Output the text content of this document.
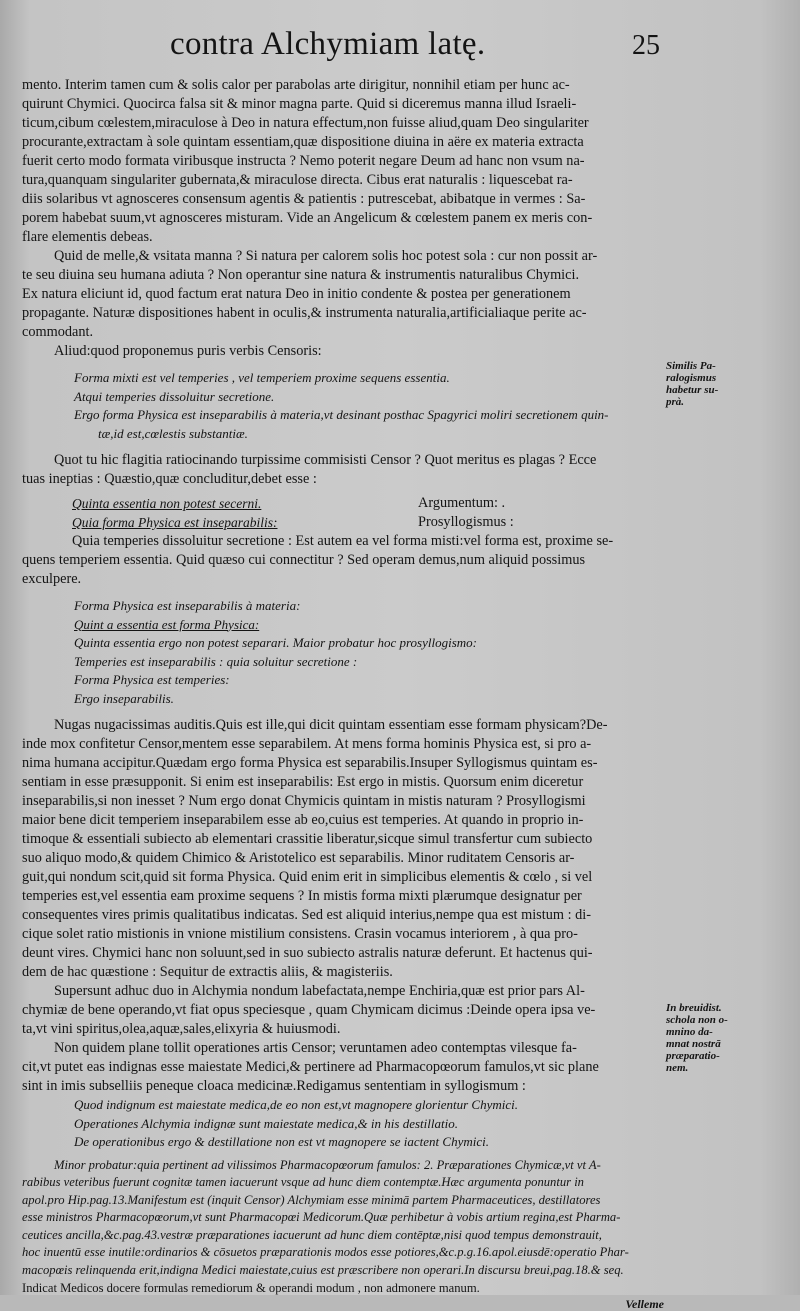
contra Alchymiam latę.	25
mento. Interim tamen cum & solis calor per parabolas arte dirigitur, nonnihil etiam per hunc ac-
quirunt Chymici. Quocirca falsa sit & minor magna parte. Quid si diceremus manna illud Israeli-
ticum,cibum cœlestem,miraculose à Deo in natura effectum,non fuisse aliud,quam Deo singulariter
procurante,extractam à sole quintam essentiam,quæ dispositione diuina in aëre ex materia extracta
fuerit certo modo formata viribusque instructa ? Nemo poterit negare Deum ad hanc non vsum na-
tura,quanquam singulariter gubernata,& miraculose directa. Cibus erat naturalis : liquescebat ra-
diis solaribus vt agnosceres consensum agentis & patientis : putrescebat, abibatque in vermes : Sa-
porem habebat suum,vt agnosceres misturam. Vide an Angelicum & cœlestem panem ex meris con-
flare elementis debeas.
Quid de melle,& vsitata manna ? Si natura per calorem solis hoc potest sola : cur non possit ar-
te seu diuina seu humana adiuta ? Non operantur sine natura & instrumentis naturalibus Chymici.
Ex natura eliciunt id, quod factum erat natura Deo in initio condente & postea per generationem
propagante. Naturæ dispositiones habent in oculis,& instrumenta naturalia,artificialiaque perite ac-
commodant.
Aliud:quod proponemus puris verbis Censoris:
Forma mixti est vel temperies , vel temperiem proxime sequens essentia.
Atqui temperies dissoluitur secretione.
Ergo forma Physica est inseparabilis à materia,vt desinant posthac Spagyrici moliri secretionem quin-
tæ,id est,cœlestis substantiæ.
Quot tu hic flagitia ratiocinando turpissime commisisti Censor ? Quot meritus es plagas ? Ecce
tuas ineptias : Quæstio,quæ concluditur,debet esse :
Quinta essentia non potest secerni.	Argumentum: .
Quia forma Physica est inseparabilis:	Prosyllogismus :
Quia temperies dissoluitur secretione : Est autem ea vel forma misti:vel forma est, proxime se-
quens temperiem essentia. Quid quæso cui connectitur ? Sed operam demus,num aliquid possimus
exculpere.
Forma Physica est inseparabilis à materia:
Quint a essentia est forma Physica:
Quinta essentia ergo non potest separari. Maior probatur hoc prosyllogismo:
Temperies est inseparabilis : quia soluitur secretione :
Forma Physica est temperies:
Ergo inseparabilis.
Nugas nugacissimas auditis.Quis est ille,qui dicit quintam essentiam esse formam physicam?De-
inde mox confitetur Censor,mentem esse separabilem. At mens forma hominis Physica est, si pro a-
nima humana accipitur.Quædam ergo forma Physica est separabilis.Insuper Syllogismus quintam es-
sentiam in esse præsupponit. Si enim est inseparabilis: Est ergo in mistis. Quorsum enim diceretur
inseparabilis,si non inesset ? Num ergo donat Chymicis quintam in mistis naturam ? Prosyllogismi
maior bene dicit temperiem inseparabilem esse ab eo,cuius est temperies. At quando in proprio in-
timoque & essentiali subiecto ab elementari crassitie liberatur,sicque simul transfertur cum subiecto
suo aliquo modo,& quidem Chimico & Aristotelico est separabilis. Minor ruditatem Censoris ar-
guit,qui nondum scit,quid sit forma Physica. Quid enim erit in simplicibus elementis & cœlo , si vel
temperies est,vel essentia eam proxime sequens ? In mistis forma mixti plærumque designatur per
consequentes vires primis qualitatibus indicatas. Sed est aliquid interius,nempe qua est mistum : di-
cique solet ratio mistionis in vnione mistilium consistens. Crasin vocamus interiorem , à qua pro-
deunt vires. Chymici hanc non soluunt,sed in suo subiecto astralis naturæ deferunt. Et hactenus qui-
dem de hac quæstione : Sequitur de extractis aliis, & magisteriis.
Supersunt adhuc duo in Alchymia nondum labefactata,nempe Enchiria,quæ est prior pars Al-
chymiæ de bene operando,vt fiat opus speciesque , quam Chymicam dicimus :Deinde opera ipsa ve-
ta,vt vini spiritus,olea,aquæ,sales,elixyria & huiusmodi.
Non quidem plane tollit operationes artis Censor; veruntamen adeo contemptas vilesque fa-
cit,vt putet eas indignas esse maiestate Medici,& pertinere ad Pharmacopœorum famulos,vt sic plane
sint in imis subselliis peneque cloaca medicinæ.Redigamus sententiam in syllogismum :
Quod indignum est maiestate medica,de eo non est,vt magnopere glorientur Chymici.
Operationes Alchymia indignæ sunt maiestate medica,& in his destillatio.
De operationibus ergo & destillatione non est vt magnopere se iactent Chymici.
Minor probatur:quia pertinent ad vilissimos Pharmacopœorum famulos: 2. Præparationes Chymicæ,vt vt A-
rabibus veteribus fuerunt cognitæ tamen iacuerunt vsque ad hunc diem contemptæ.Hæc argumenta ponuntur in
apol.pro Hip.pag.13.Manifestum est (inquit Censor) Alchymiam esse minimā partem Pharmaceutices, destillatores
esse ministros Pharmacopœorum,vt sunt Pharmacopœi Medicorum.Quæ perhibetur à vobis artium regina,est Pharma-
ceutices ancilla,&c.pag.43.vestræ præparationes iacuerunt ad hunc diem contēptæ,nisi quod tempus demonstrauit,
hoc inuentū esse inutile:ordinarios & cōsuetos præparationis modos esse potiores,&c.p.g.16.apol.eiusdē:operatio Phar-
macopœis relinquenda erit,indigna Medici maiestate,cuius est præscribere non operari.In discursu breui,pag.18.& seq.
Indicat Medicos docere formulas remediorum & operandi modum , non admonere manum.
Velleme
Similis Pa-
ralogismus
habetur su-
prà.
In breuidist.
schola non o-
mnino da-
mnat nostrā
præparatio-
nem.
